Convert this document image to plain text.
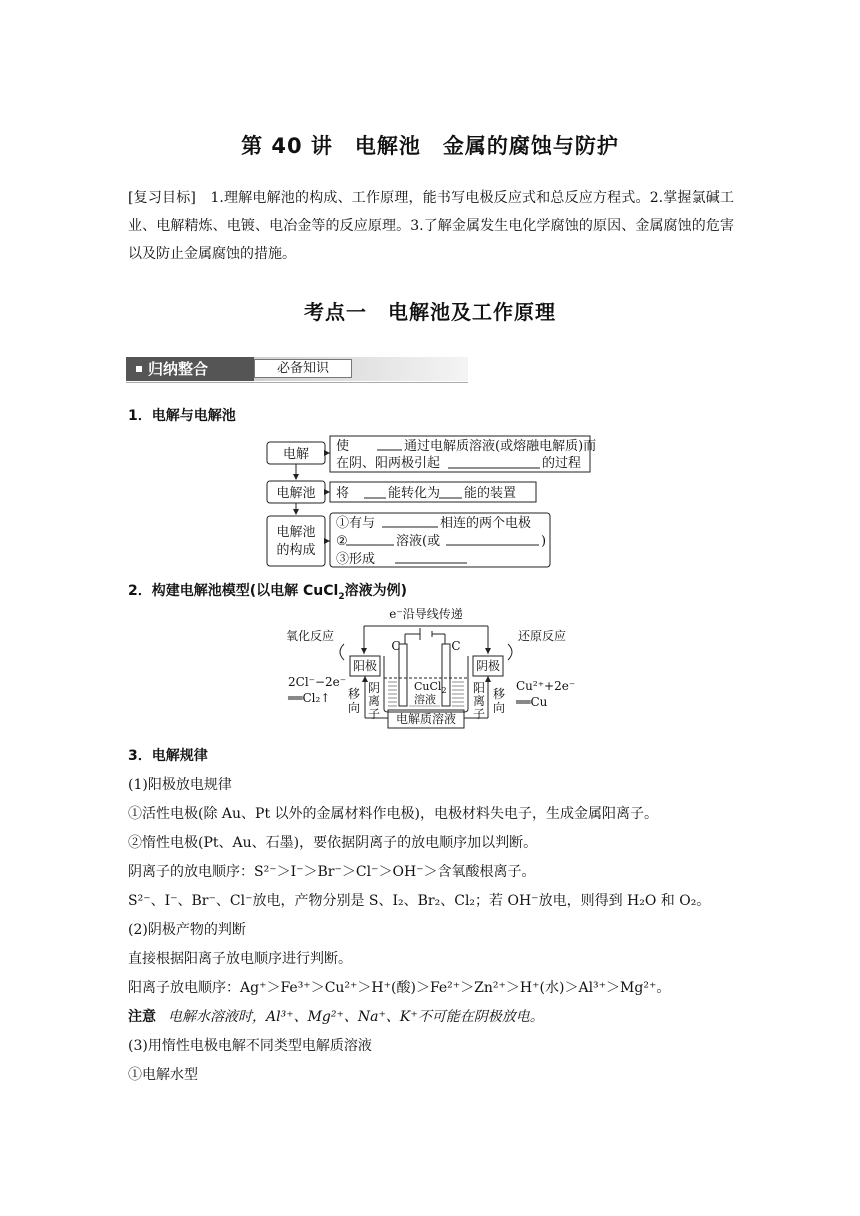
第 40 讲　电解池　金属的腐蚀与防护
[复习目标] 1.理解电解池的构成、工作原理，能书写电极反应式和总反应方程式。2.掌握氯碱工业、电解精炼、电镀、电冶金等的反应原理。3.了解金属发生电化学腐蚀的原因、金属腐蚀的危害以及防止金属腐蚀的措施。
考点一　电解池及工作原理
归纳整合	必备知识
1．电解与电解池
电解
使	通过电解质溶液(或熔融电解质)而
在阴、阳两极引起	的过程
电解池 将	能转化为 能的装置
电解池
的构成
①有与	相连的两个电极
②	溶液(或	)
③形成
2．构建电解池模型(以电解 CuCl$_2$溶液为例)
e⁻沿导线传递
氧化反应	还原反应
阳极	阴极
C	C
2Cl⁻−2e⁻
══Cl₂↑
Cu²⁺+2e⁻
══Cu
移
向
阴
离
子
阳
离
子
移
向
电解质溶液
CuCl$_2$
溶液
3．电解规律
(1)阳极放电规律
①活性电极(除 Au、Pt 以外的金属材料作电极)，电极材料失电子，生成金属阳离子。
②惰性电极(Pt、Au、石墨)，要依据阴离子的放电顺序加以判断。
阴离子的放电顺序：S²⁻＞I⁻＞Br⁻＞Cl⁻＞OH⁻＞含氧酸根离子。
S²⁻、I⁻、Br⁻、Cl⁻放电，产物分别是 S、I₂、Br₂、Cl₂；若 OH⁻放电，则得到 H₂O 和 O₂。
(2)阴极产物的判断
直接根据阳离子放电顺序进行判断。
阳离子放电顺序：Ag⁺＞Fe³⁺＞Cu²⁺＞H⁺(酸)＞Fe²⁺＞Zn²⁺＞H⁺(水)＞Al³⁺＞Mg²⁺。
注意 电解水溶液时，Al³⁺、Mg²⁺、Na⁺、K⁺不可能在阴极放电。
(3)用惰性电极电解不同类型电解质溶液
①电解水型
